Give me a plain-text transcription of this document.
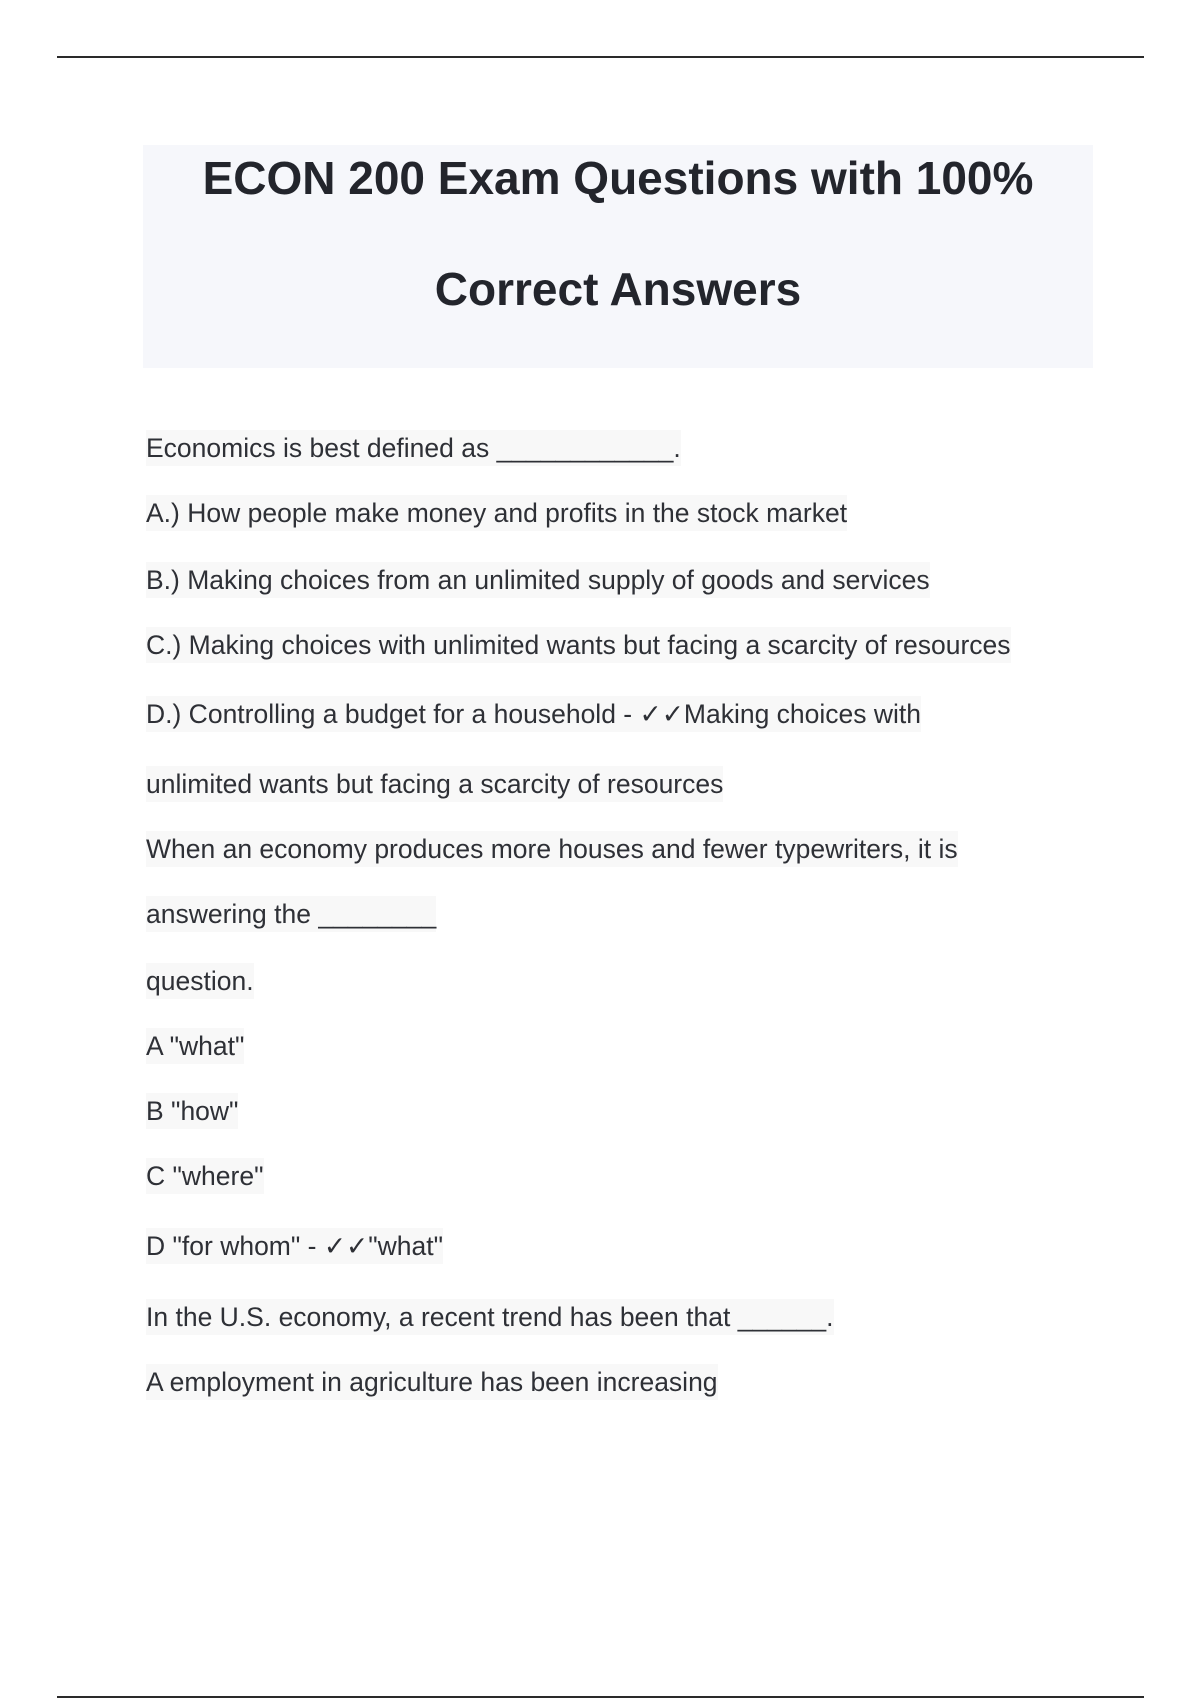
ECON 200 Exam Questions with 100%
Correct Answers
Economics is best defined as ____________.
A.) How people make money and profits in the stock market
B.) Making choices from an unlimited supply of goods and services
C.) Making choices with unlimited wants but facing a scarcity of resources
D.) Controlling a budget for a household - ✓✓Making choices with
unlimited wants but facing a scarcity of resources
When an economy produces more houses and fewer typewriters, it is
answering the ________
question.
A "what"
B "how"
C "where"
D "for whom" - ✓✓"what"
In the U.S. economy, a recent trend has been that ______.
A employment in agriculture has been increasing
